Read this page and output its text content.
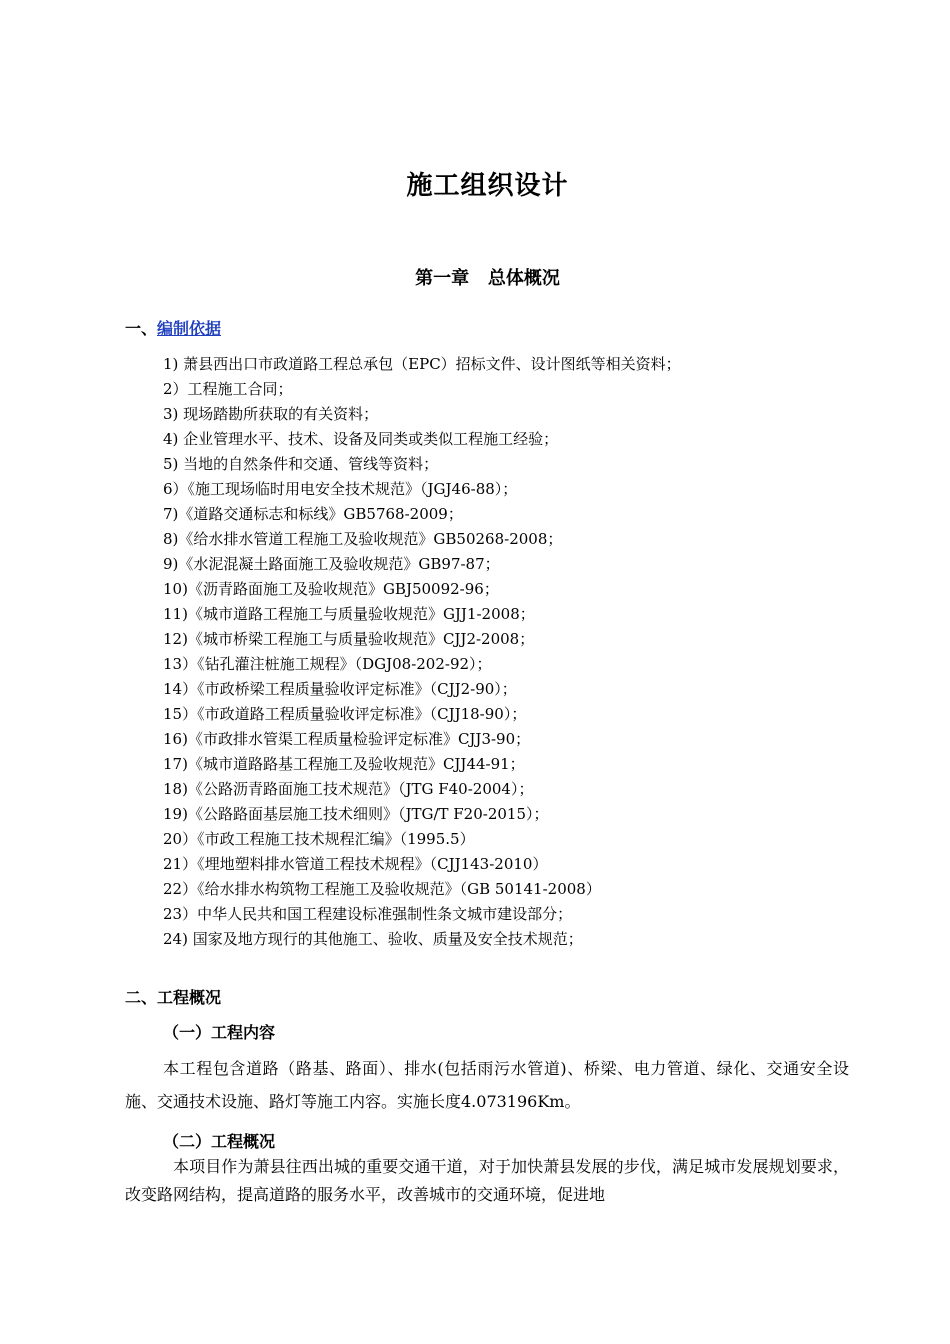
施工组织设计
第一章   总体概况
一、编制依据
1) 萧县西出口市政道路工程总承包（EPC）招标文件、设计图纸等相关资料；
2）工程施工合同；
3) 现场踏勘所获取的有关资料；
4) 企业管理水平、技术、设备及同类或类似工程施工经验；
5) 当地的自然条件和交通、管线等资料；
6）《施工现场临时用电安全技术规范》（JGJ46-88）；
7)《道路交通标志和标线》GB5768-2009；
8)《给水排水管道工程施工及验收规范》GB50268-2008；
9)《水泥混凝土路面施工及验收规范》GB97-87；
10)《沥青路面施工及验收规范》GBJ50092-96；
11)《城市道路工程施工与质量验收规范》GJJ1-2008；
12)《城市桥梁工程施工与质量验收规范》CJJ2-2008；
13）《钻孔灌注桩施工规程》（DGJ08-202-92）；
14）《市政桥梁工程质量验收评定标准》（CJJ2-90）；
15）《市政道路工程质量验收评定标准》（CJJ18-90）；
16)《市政排水管渠工程质量检验评定标准》CJJ3-90；
17)《城市道路路基工程施工及验收规范》CJJ44-91；
18)《公路沥青路面施工技术规范》（JTG F40-2004）；
19)《公路路面基层施工技术细则》（JTG/T F20-2015）；
20）《市政工程施工技术规程汇编》（1995.5）
21）《埋地塑料排水管道工程技术规程》（CJJ143-2010）
22）《给水排水构筑物工程施工及验收规范》（GB 50141-2008）
23）中华人民共和国工程建设标准强制性条文城市建设部分；
24) 国家及地方现行的其他施工、验收、质量及安全技术规范；
二、工程概况
（一）工程内容
本工程包含道路（路基、路面）、排水(包括雨污水管道)、桥梁、电力管道、绿化、交通安全设施、交通技术设施、路灯等施工内容。实施长度4.073196Km。
（二）工程概况
本项目作为萧县往西出城的重要交通干道，对于加快萧县发展的步伐，满足城市发展规划要求，改变路网结构，提高道路的服务水平，改善城市的交通环境，促进地
